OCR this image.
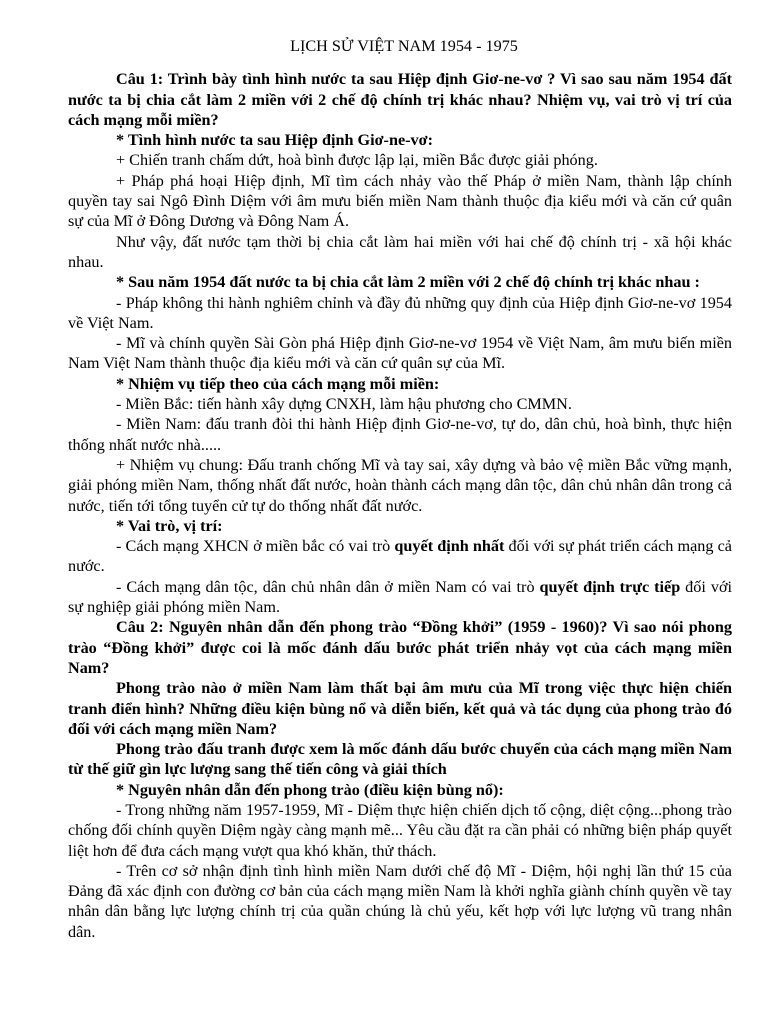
LỊCH SỬ VIỆT NAM 1954 - 1975

Câu 1: Trình bày tình hình nước ta sau Hiệp định Giơ-ne-vơ ? Vì sao sau năm 1954 đất nước ta bị chia cắt làm 2 miền với 2 chế độ chính trị khác nhau? Nhiệm vụ, vai trò vị trí của cách mạng mỗi miền?

* Tình hình nước ta sau Hiệp định Giơ-ne-vơ:

+ Chiến tranh chấm dứt, hoà bình được lập lại, miền Bắc được giải phóng.

+ Pháp phá hoại Hiệp định, Mĩ tìm cách nhảy vào thế Pháp ở miền Nam, thành lập chính quyền tay sai Ngô Đình Diệm với âm mưu biến miền Nam thành thuộc địa kiểu mới và căn cứ quân sự của Mĩ ở Đông Dương và Đông Nam Á.

Như vậy, đất nước tạm thời bị chia cắt làm hai miền với hai chế độ chính trị - xã hội khác nhau.

* Sau năm 1954 đất nước ta bị chia cắt làm 2 miền với 2 chế độ chính trị khác nhau :

- Pháp không thi hành nghiêm chỉnh và đầy đủ những quy định của Hiệp định Giơ-ne-vơ 1954 về Việt Nam.

- Mĩ và chính quyền Sài Gòn phá Hiệp định Giơ-ne-vơ 1954 về Việt Nam, âm mưu biến miền Nam Việt Nam thành thuộc địa kiểu mới và căn cứ quân sự của Mĩ.

* Nhiệm vụ tiếp theo của cách mạng mỗi miền:

- Miền Bắc: tiến hành xây dựng CNXH, làm hậu phương cho CMMN.

- Miền Nam: đấu tranh đòi thi hành Hiệp định Giơ-ne-vơ, tự do, dân chủ, hoà bình, thực hiện thống nhất nước nhà.....

+ Nhiệm vụ chung: Đấu tranh chống Mĩ và tay sai, xây dựng và bảo vệ miền Bắc vững mạnh, giải phóng miền Nam, thống nhất đất nước, hoàn thành cách mạng dân tộc, dân chủ nhân dân trong cả nước, tiến tới tổng tuyển cử tự do thống nhất đất nước.

* Vai trò, vị trí:

- Cách mạng XHCN ở miền bắc có vai trò quyết định nhất đối với sự phát triển cách mạng cả nước.

- Cách mạng dân tộc, dân chủ nhân dân ở miền Nam có vai trò quyết định trực tiếp đối với sự nghiệp giải phóng miền Nam.

Câu 2: Nguyên nhân dẫn đến phong trào “Đồng khởi” (1959 - 1960)? Vì sao nói phong trào “Đồng khởi” được coi là mốc đánh dấu bước phát triển nhảy vọt của cách mạng miền Nam?

Phong trào nào ở miền Nam làm thất bại âm mưu của Mĩ trong việc thực hiện chiến tranh điển hình? Những điều kiện bùng nổ và diễn biến, kết quả và tác dụng của phong trào đó đối với cách mạng miền Nam?

Phong trào đấu tranh được xem là mốc đánh dấu bước chuyển của cách mạng miền Nam từ thế giữ gìn lực lượng sang thế tiến công và giải thích

* Nguyên nhân dẫn đến phong trào (điều kiện bùng nổ):

- Trong những năm 1957-1959, Mĩ - Diệm thực hiện chiến dịch tố cộng, diệt cộng...phong trào chống đối chính quyền Diệm ngày càng mạnh mẽ... Yêu cầu đặt ra cần phải có những biện pháp quyết liệt hơn để đưa cách mạng vượt qua khó khăn, thử thách.

- Trên cơ sở nhận định tình hình miền Nam dưới chế độ Mĩ - Diệm, hội nghị lần thứ 15 của Đảng đã xác định con đường cơ bản của cách mạng miền Nam là khởi nghĩa giành chính quyền về tay nhân dân bằng lực lượng chính trị của quần chúng là chủ yếu, kết hợp với lực lượng vũ trang nhân dân.
